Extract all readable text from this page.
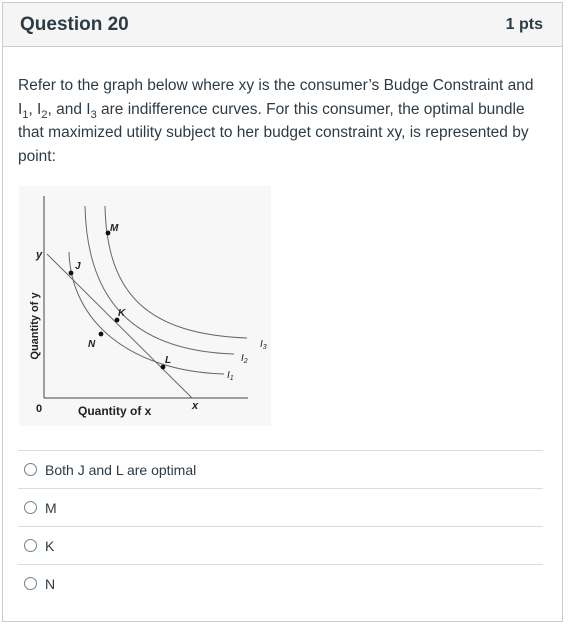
Question 20	1 pts
Refer to the graph below where xy is the consumer’s Budge Constraint and $I_1$, $I_2$, and $I_3$ are indifference curves. For this consumer, the optimal bundle that maximized utility subject to her budget constraint xy, is represented by point:
J
M
K
N
L
$I_1$
$I_2$
$I_3$
y
x
0	Quantity of x
Quantity of y
Both J and L are optimal
M
K
N
